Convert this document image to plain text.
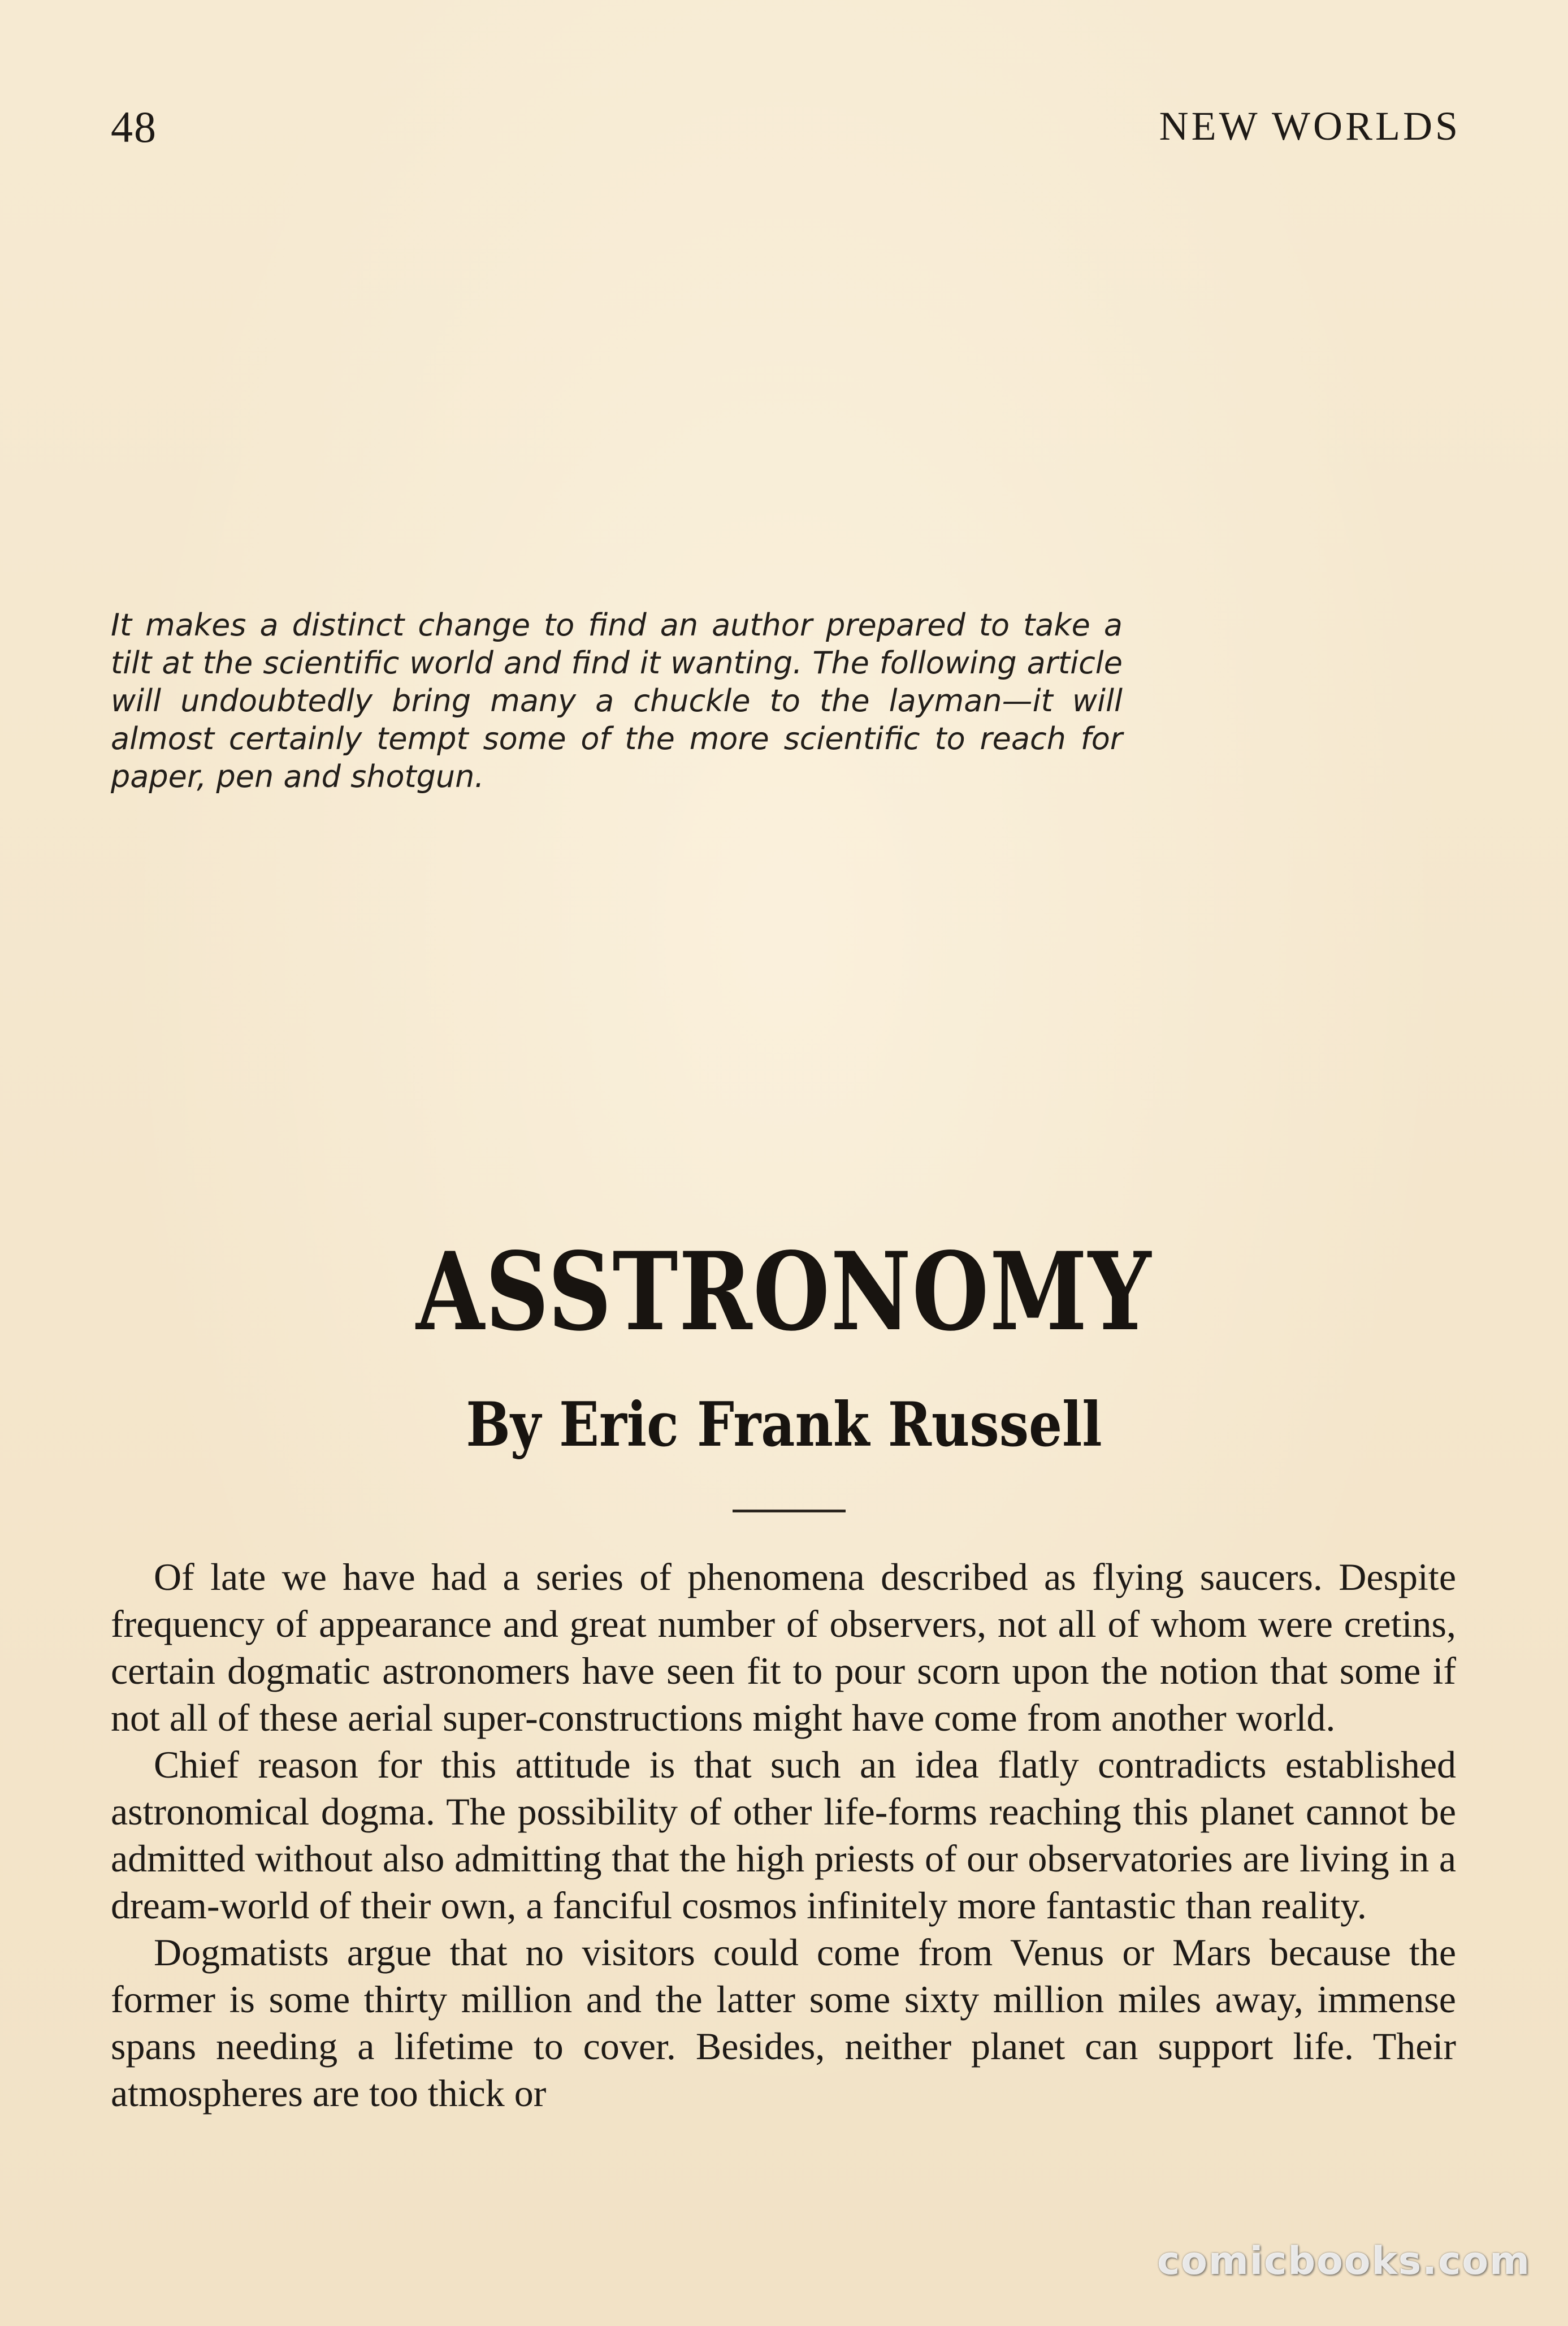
48	NEW WORLDS
It makes a distinct change to find an author prepared to take a tilt at the scientific world and find it wanting. The following article will undoubtedly bring many a chuckle to the layman—it will almost certainly tempt some of the more scientific to reach for paper, pen and shotgun.
ASSTRONOMY
By Eric Frank Russell

Of late we have had a series of phenomena described as flying saucers. Despite frequency of appearance and great number of observers, not all of whom were cretins, certain dogmatic astronomers have seen fit to pour scorn upon the notion that some if not all of these aerial super-constructions might have come from another world.

Chief reason for this attitude is that such an idea flatly contradicts established astronomical dogma. The possibility of other life-forms reaching this planet cannot be admitted without also admitting that the high priests of our observatories are living in a dream-world of their own, a fanciful cosmos infinitely more fantastic than reality.

Dogmatists argue that no visitors could come from Venus or Mars because the former is some thirty million and the latter some sixty million miles away, immense spans needing a lifetime to cover. Besides, neither planet can support life. Their atmospheres are too thick or

comicbooks.com
